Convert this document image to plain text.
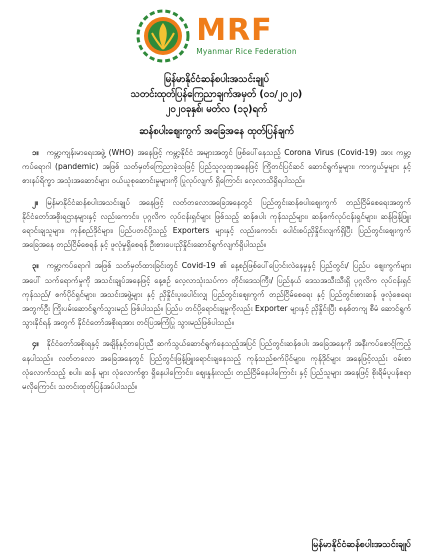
MRF
Myanmar Rice Federation
မြန်မာနိုင်ငံဆန်စပါးအသင်းချုပ်
သတင်းထုတ်ပြန်ကြေညာချက်အမှတ် (၀၁/၂၀၂၀)
၂၀၂၀ခုနှစ်၊ မတ်လ (၁၃)ရက်
ဆန်စပါးဈေးကွက် အခြေအနေ ထုတ်ပြန်ချက်
၁။ ကမ္ဘာ့ကျန်းမာရေးအဖွဲ့ (WHO) အနေဖြင့် ကမ္ဘာ့နိုင်ငံ အများအတွင် ဖြစ်ပေါ်နေသည့် Corona Virus (Covid-19) အား ကမ္ဘာ့ကပ်ရောဂါ (pandemic) အဖြစ် သတ်မှတ်ကြေညာခဲ့သဖြင့် ပြည်သူလူထုအနေဖြင့် ကြိုတင်ပြင်ဆင် ဆောင်ရွက်မှုများ၊ ကာကွယ်မှုများ နှင့် စားနပ်ရိက္ခာ အသုံးအဆောင်များ ဝယ်ယူစုဆောင်းမှုများကို ပြုလုပ်လျက် ရှိကြောင်း လေ့လာသိရှိရပါသည်။
၂။ မြန်မာနိုင်ငံဆန်စပါးအသင်းချုပ် အနေဖြင့် လတ်တလောအခြေအနေတွင် ပြည်တွင်းဆန်စပါးဈေးကွက် တည်ငြိမ်စေရေးအတွက် နိုင်ငံတော်အစိုးရဌာနများနှင့် လည်းကောင်း၊ ပုဂ္ဂလိက လုပ်ငန်းရှင်များ ဖြစ်သည့် ဆန်စပါး ကုန်သည်များ၊ ဆန်စက်လုပ်ငန်းရှင်များ၊ ဆန်ဖြန့်ဖြူးရောင်းချသူများ၊ ကုန်စည်ဒိုင်များ၊ ပြည်ပတင်ပို့သည့် Exporters များနှင့် လည်းကောင်း ပေါင်းစပ်ညှိနှိုင်းလျက်ရှိပြီး ပြည်တွင်းဈေးကွက်အခြေအနေ တည်ငြိမ်စေရန် နှင့် ဖူလုံမှုရှိစေရန် ဦးစားပေးညှိနှိုင်းဆောင်ရွက်လျက်ရှိပါသည်။
၃။ ကမ္ဘာ့ကပ်ရောဂါ အဖြစ် သတ်မှတ်ထားခြင်းတွင် Covid-19 ၏ နေ့စဉ်ဖြစ်ပေါ်ပြောင်းလဲနေမှုနှင့် ပြည်တွင်း/ ပြည်ပ ဈေးကွက်များအပေါ် သက်ရောက်မှုကို အသင်းချုပ်အနေဖြင့် နေ့စဉ် လေ့လာသုံးသပ်ကာ တိုင်းဒေသကြီး/ ပြည်နယ် ဒေသအသီးသီးရှိ ပုဂ္ဂလိက လုပ်ငန်းရှင် ကုန်သည်/ စက်ပိုင်ရှင်များ၊ အသင်းအဖွဲ့များ နှင့် ညှိနှိုင်းပူးပေါင်းလျှ ပြည်တွင်းဈေးကွက် တည်ငြိမ်စေရေး နှင့် ပြည်တွင်းစားဆန် ဖူလုံစေရေးအတွက်ဦး ကြိုးပမ်းဆောင်ရွက်သွားမည် ဖြစ်ပါသည်။ ပြည်ပ တင်ပို့ရောင်းချမှုကိုလည်း Exporter များနှင့် ညှိနှိုင်းပြီး စနစ်တကျ စီမံ ဆောင်ရွက် သွားနိုင်ရန် အတွက် နိုင်ငံတော်အစိုးရအား တင်ပြအကြံပြု သွားမည်ဖြစ်ပါသည်။
၄။ နိုင်ငံတော်အစိုးရနှင့် အချိန်နှင့်တပြေးညီ ဆက်သွယ်ဆောင်ရွက်နေသည့်အပြင် ပြည်တွင်းဆန်စပါး အခြေအနေကို အနီးကပ်စောင့်ကြည့်နေပါသည်။ လတ်တလော အခြေအနေတွင် ပြည်တွင်းဖြန့်ဖြူးရောင်းချနေသည့် ကုန်သည်စက်ပိုင်များ၊ ကုန်ဒိုင်များ အနေဖြင့်လည်း ဝမ်းစာလုံလောက်သည့် စပါး၊ ဆန် များ လုံလောက်စွာ ရှိနေပါကြောင်း၊ ဈေးနှုန်းလည်း တည်ငြိမ်နေပါကြောင်း နှင့် ပြည်သူများ အနေဖြင့် စိုးရိမ်ပူပန်စရာ မလိုကြောင်း သတင်းထုတ်ပြန်အပ်ပါသည်။
မြန်မာနိုင်ငံဆန်စပါးအသင်းချုပ်
